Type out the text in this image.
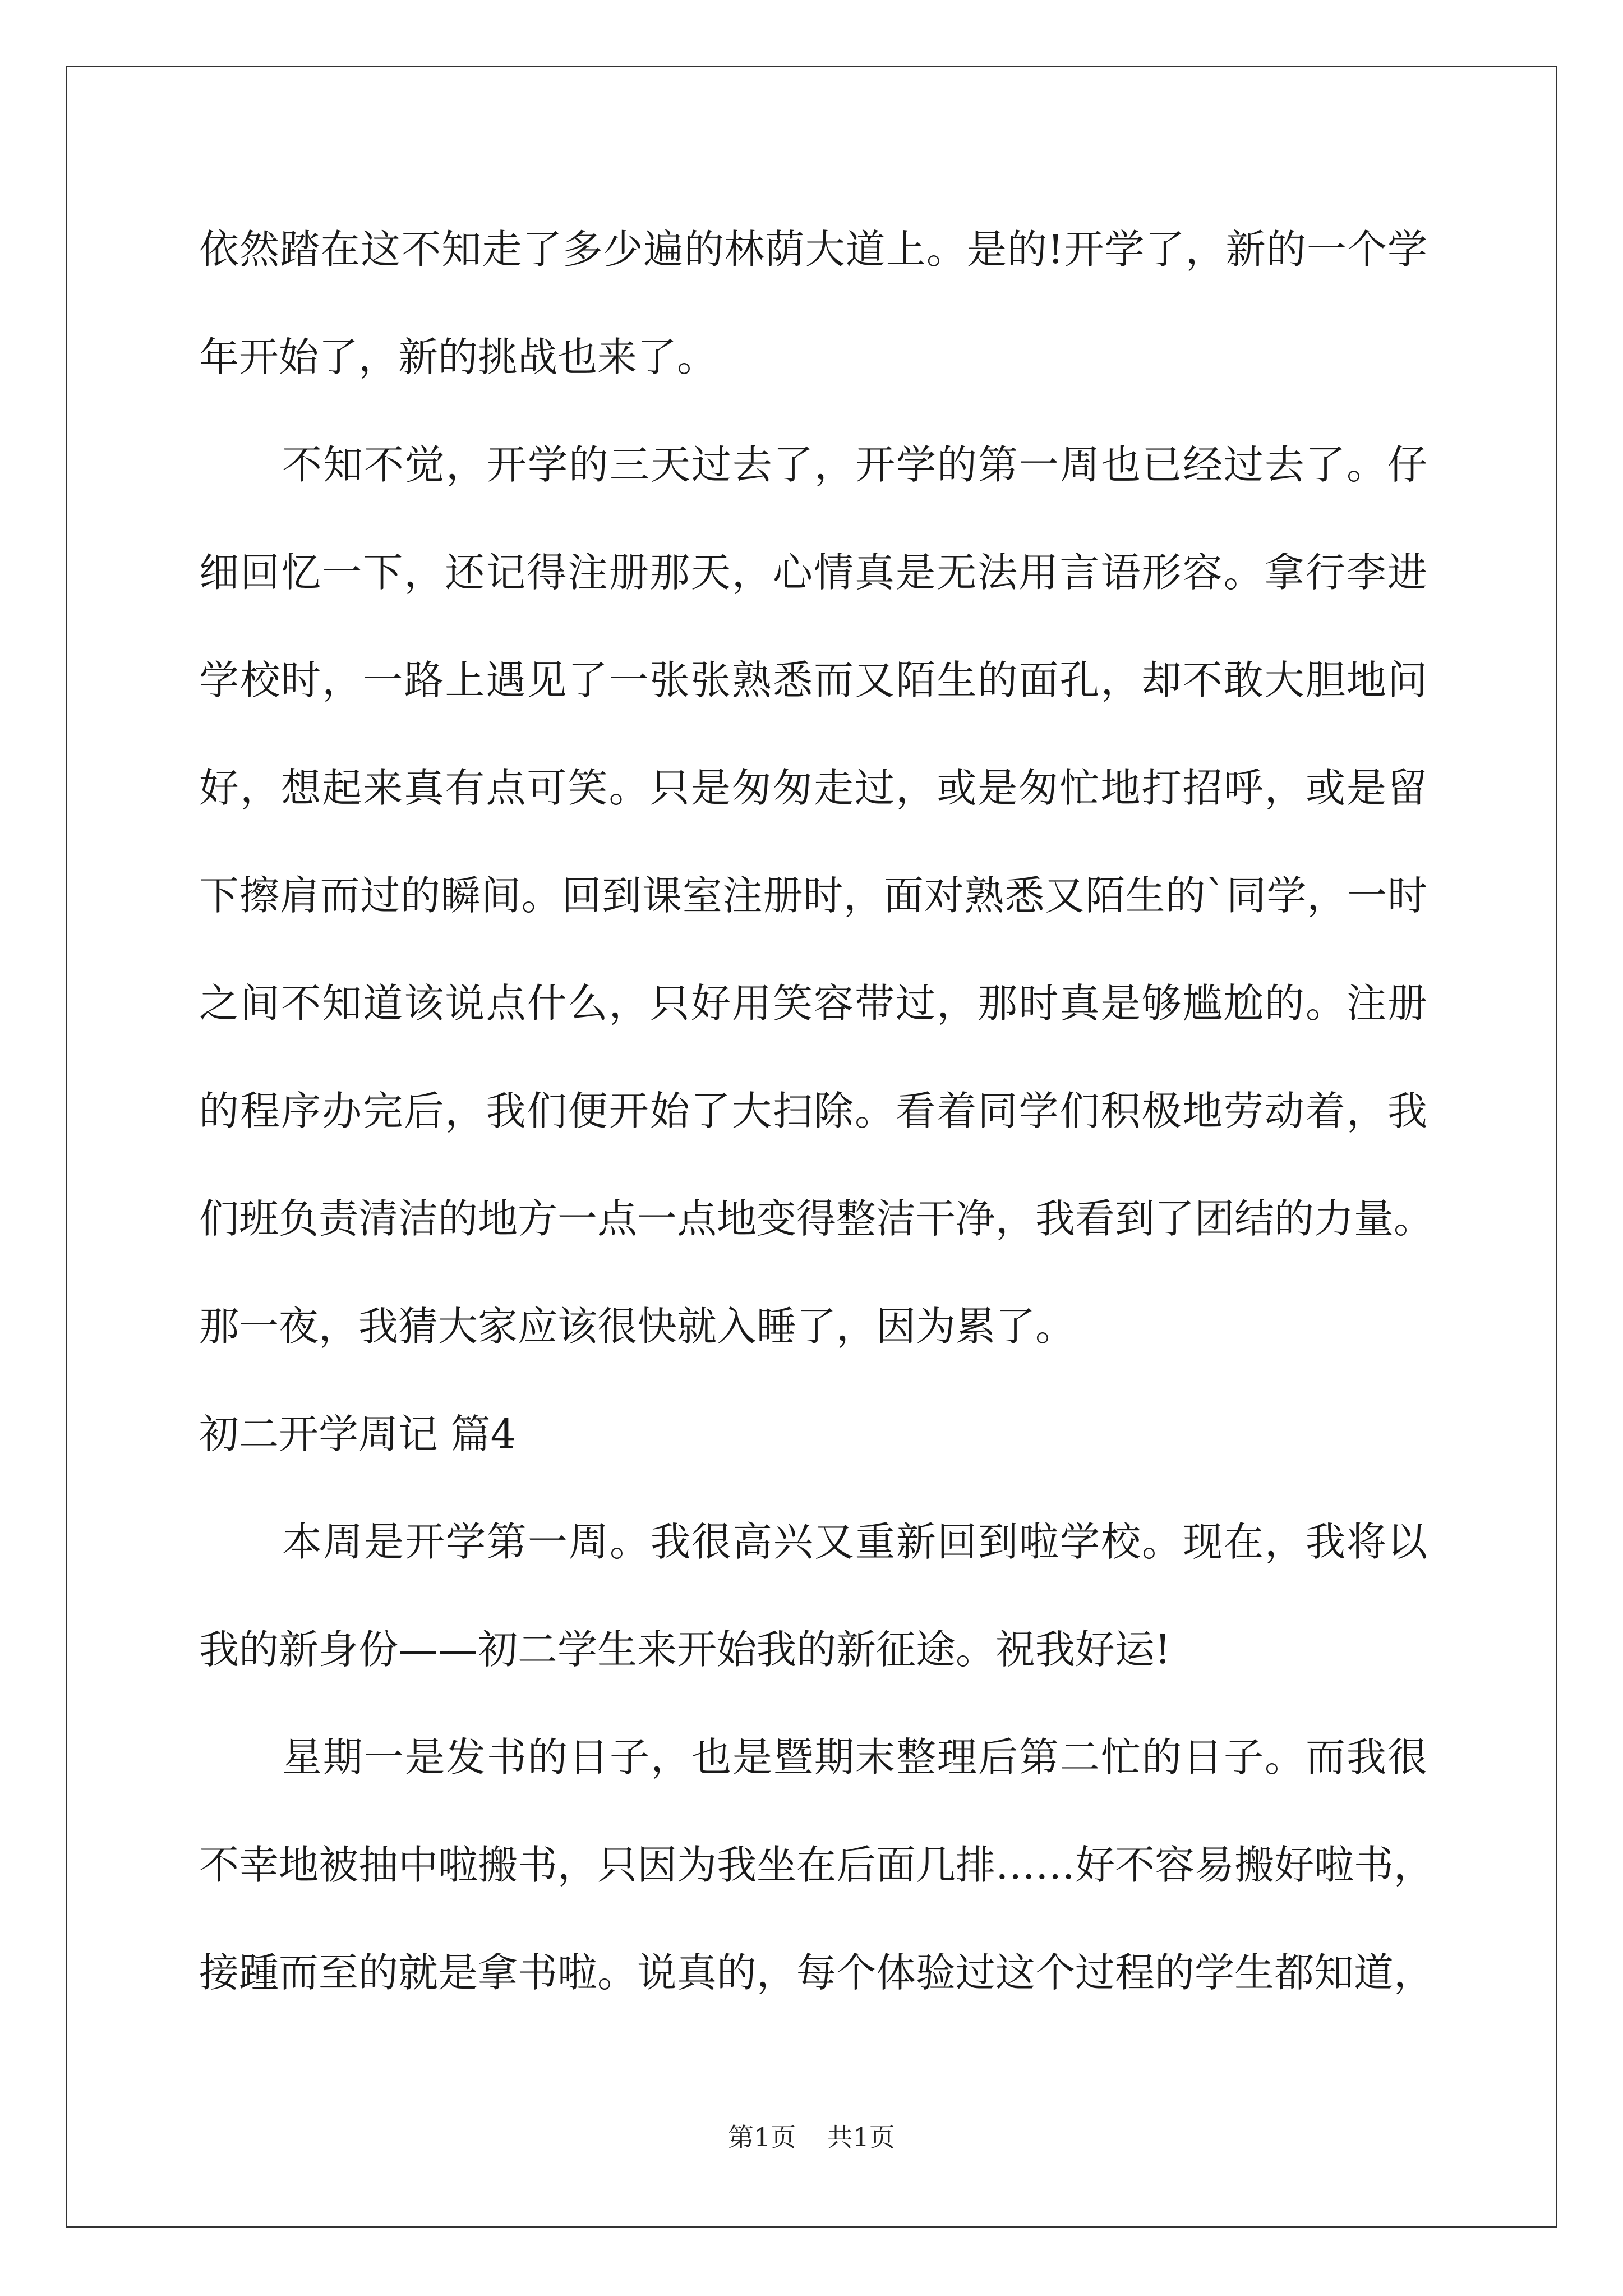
依然踏在这不知走了多少遍的林荫大道上。是的!开学了，新的一个学
年开始了，新的挑战也来了。
不知不觉，开学的三天过去了，开学的第一周也已经过去了。仔
细回忆一下，还记得注册那天，心情真是无法用言语形容。拿行李进
学校时，一路上遇见了一张张熟悉而又陌生的面孔，却不敢大胆地问
好，想起来真有点可笑。只是匆匆走过，或是匆忙地打招呼，或是留
下擦肩而过的瞬间。回到课室注册时，面对熟悉又陌生的`同学，一时
之间不知道该说点什么，只好用笑容带过，那时真是够尴尬的。注册
的程序办完后，我们便开始了大扫除。看着同学们积极地劳动着，我
们班负责清洁的地方一点一点地变得整洁干净，我看到了团结的力量。
那一夜，我猜大家应该很快就入睡了，因为累了。
初二开学周记 篇4
本周是开学第一周。我很高兴又重新回到啦学校。现在，我将以
我的新身份——初二学生来开始我的新征途。祝我好运!
星期一是发书的日子，也是暨期末整理后第二忙的日子。而我很
不幸地被抽中啦搬书，只因为我坐在后面几排……好不容易搬好啦书，
接踵而至的就是拿书啦。说真的，每个体验过这个过程的学生都知道，
第1页 共1页
